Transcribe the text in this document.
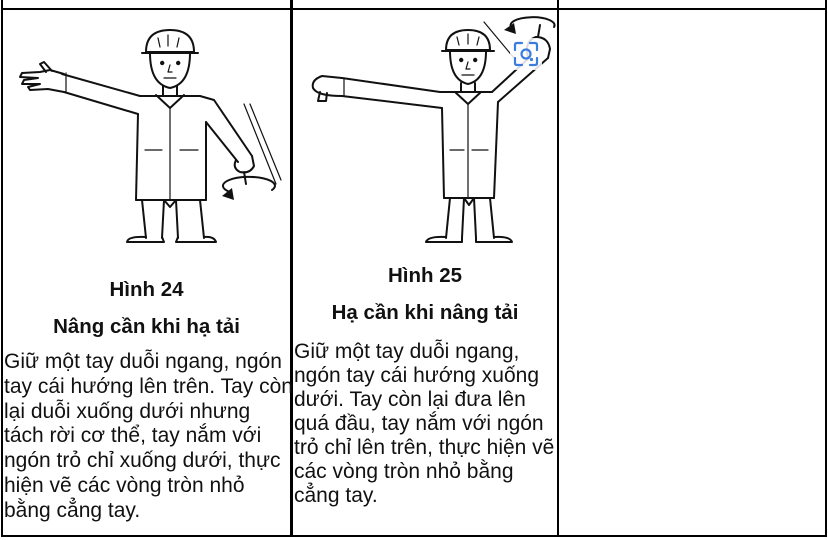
Hình 24
Nâng cần khi hạ tải
Giữ một tay duỗi ngang, ngón
tay cái hướng lên trên. Tay còn
lại duỗi xuống dưới nhưng
tách rời cơ thể, tay nắm với
ngón trỏ chỉ xuống dưới, thực
hiện vẽ các vòng tròn nhỏ
bằng cẳng tay.
Hình 25
Hạ cần khi nâng tải
Giữ một tay duỗi ngang,
ngón tay cái hướng xuống
dưới. Tay còn lại đưa lên
quá đầu, tay nắm với ngón
trỏ chỉ lên trên, thực hiện vẽ
các vòng tròn nhỏ bằng
cẳng tay.
